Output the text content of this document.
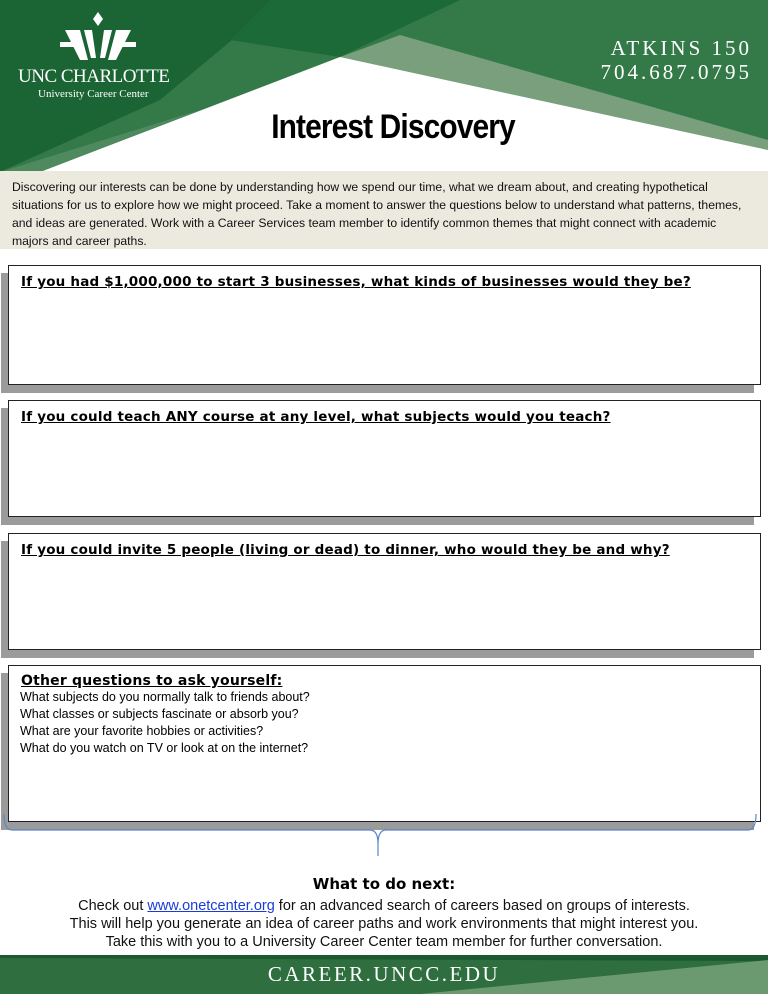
UNC CHARLOTTE
University Career Center
ATKINS 150
704.687.0795
Interest Discovery
Discovering our interests can be done by understanding how we spend our time, what we dream about, and creating hypothetical situations for us to explore how we might proceed. Take a moment to answer the questions below to understand what patterns, themes, and ideas are generated. Work with a Career Services team member to identify common themes that might connect with academic majors and career paths.
If you had $1,000,000 to start 3 businesses, what kinds of businesses would they be?
If you could teach ANY course at any level, what subjects would you teach?
If you could invite 5 people (living or dead) to dinner, who would they be and why?
Other questions to ask yourself:
What subjects do you normally talk to friends about?
What classes or subjects fascinate or absorb you?
What are your favorite hobbies or activities?
What do you watch on TV or look at on the internet?
What to do next:
Check out www.onetcenter.org for an advanced search of careers based on groups of interests.
This will help you generate an idea of career paths and work environments that might interest you.
Take this with you to a University Career Center team member for further conversation.
CAREER.UNCC.EDU
